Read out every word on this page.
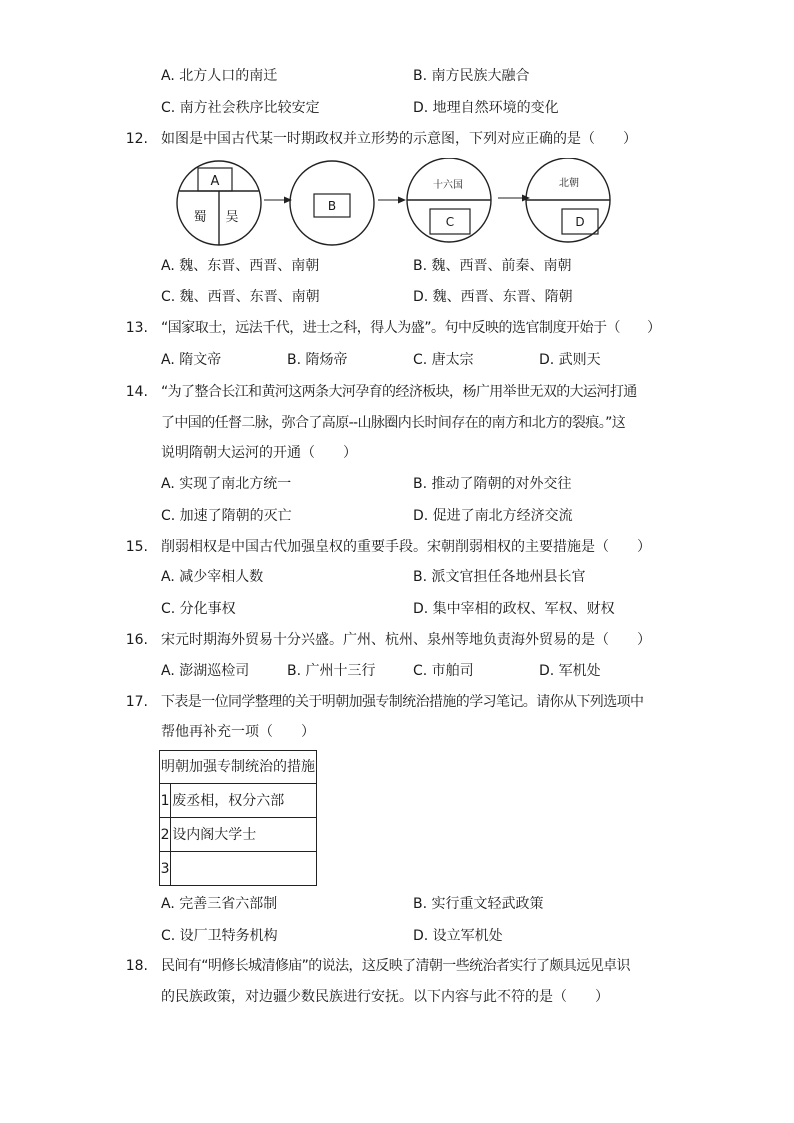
A. 北方人口的南迁	B. 南方民族大融合
C. 南方社会秩序比较安定	D. 地理自然环境的变化
12. 如图是中国古代某一时期政权并立形势的示意图，下列对应正确的是（　　）
A
蜀 吴
B
十六国
C
北朝
D
A. 魏、东晋、西晋、南朝	B. 魏、西晋、前秦、南朝
C. 魏、西晋、东晋、南朝	D. 魏、西晋、东晋、隋朝
13. “国家取士，远法千代，进士之科，得人为盛”。句中反映的选官制度开始于（　　）
A. 隋文帝	B. 隋炀帝	C. 唐太宗	D. 武则天
14. “为了整合长江和黄河这两条大河孕育的经济板块，杨广用举世无双的大运河打通
了中国的任督二脉，弥合了高原--山脉圈内长时间存在的南方和北方的裂痕。”这
说明隋朝大运河的开通（　　）
A. 实现了南北方统一	B. 推动了隋朝的对外交往
C. 加速了隋朝的灭亡	D. 促进了南北方经济交流
15. 削弱相权是中国古代加强皇权的重要手段。宋朝削弱相权的主要措施是（　　）
A. 减少宰相人数	B. 派文官担任各地州县长官
C. 分化事权	D. 集中宰相的政权、军权、财权
16. 宋元时期海外贸易十分兴盛。广州、杭州、泉州等地负责海外贸易的是（　　）
A. 澎湖巡检司	B. 广州十三行	C. 市舶司	D. 军机处
17. 下表是一位同学整理的关于明朝加强专制统治措施的学习笔记。请你从下列选项中
帮他再补充一项（　　）
明朝加强专制统治的措施	
1	废丞相，权分六部
2	设内阁大学士
3	
A. 完善三省六部制	B. 实行重文轻武政策
C. 设厂卫特务机构	D. 设立军机处
18. 民间有“明修长城清修庙”的说法，这反映了清朝一些统治者实行了颇具远见卓识
的民族政策，对边疆少数民族进行安抚。以下内容与此不符的是（　　）
